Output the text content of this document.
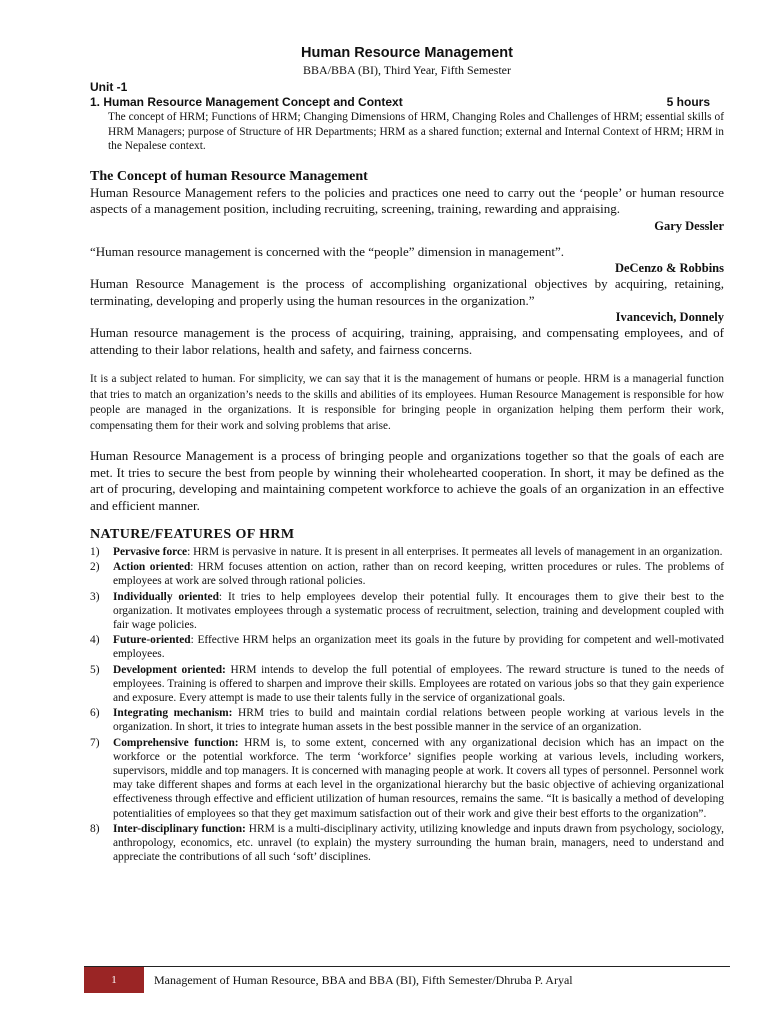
Human Resource Management

BBA/BBA (BI), Third Year, Fifth Semester

Unit -1
1. Human Resource Management Concept and Context	5 hours

The concept of HRM; Functions of HRM; Changing Dimensions of HRM, Changing Roles and Challenges of HRM; essential skills of HRM Managers; purpose of Structure of HR Departments; HRM as a shared function; external and Internal Context of HRM; HRM in the Nepalese context.

The Concept of human Resource Management

Human Resource Management refers to the policies and practices one need to carry out the ‘people’ or human resource aspects of a management position, including recruiting, screening, training, rewarding and appraising.

Gary Dessler

“Human resource management is concerned with the “people” dimension in management”.

DeCenzo & Robbins

Human Resource Management is the process of accomplishing organizational objectives by acquiring, retaining, terminating, developing and properly using the human resources in the organization.”

Ivancevich, Donnely

Human resource management is the process of acquiring, training, appraising, and compensating employees, and of attending to their labor relations, health and safety, and fairness concerns.

It is a subject related to human. For simplicity, we can say that it is the management of humans or people. HRM is a managerial function that tries to match an organization’s needs to the skills and abilities of its employees. Human Resource Management is responsible for how people are managed in the organizations. It is responsible for bringing people in organization helping them perform their work, compensating them for their work and solving problems that arise.

Human Resource Management is a process of bringing people and organizations together so that the goals of each are met. It tries to secure the best from people by winning their wholehearted cooperation. In short, it may be defined as the art of procuring, developing and maintaining competent workforce to achieve the goals of an organization in an effective and efficient manner.

NATURE/FEATURES OF HRM

1)	Pervasive force: HRM is pervasive in nature. It is present in all enterprises. It permeates all levels of management in an organization.
2)	Action oriented: HRM focuses attention on action, rather than on record keeping, written procedures or rules. The problems of employees at work are solved through rational policies.
3)	Individually oriented: It tries to help employees develop their potential fully. It encourages them to give their best to the organization. It motivates employees through a systematic process of recruitment, selection, training and development coupled with fair wage policies.
4)	Future-oriented: Effective HRM helps an organization meet its goals in the future by providing for competent and well-motivated employees.
5)	Development oriented: HRM intends to develop the full potential of employees. The reward structure is tuned to the needs of employees. Training is offered to sharpen and improve their skills. Employees are rotated on various jobs so that they gain experience and exposure. Every attempt is made to use their talents fully in the service of organizational goals.
6)	Integrating mechanism: HRM tries to build and maintain cordial relations between people working at various levels in the organization. In short, it tries to integrate human assets in the best possible manner in the service of an organization.
7)	Comprehensive function: HRM is, to some extent, concerned with any organizational decision which has an impact on the workforce or the potential workforce. The term ‘workforce’ signifies people working at various levels, including workers, supervisors, middle and top managers. It is concerned with managing people at work. It covers all types of personnel. Personnel work may take different shapes and forms at each level in the organizational hierarchy but the basic objective of achieving organizational effectiveness through effective and efficient utilization of human resources, remains the same. “It is basically a method of developing potentialities of employees so that they get maximum satisfaction out of their work and give their best efforts to the organization”.
8)	Inter-disciplinary function: HRM is a multi-disciplinary activity, utilizing knowledge and inputs drawn from psychology, sociology, anthropology, economics, etc. unravel (to explain) the mystery surrounding the human brain, managers, need to understand and appreciate the contributions of all such ‘soft’ disciplines.
1	Management of Human Resource, BBA and BBA (BI), Fifth Semester/Dhruba P. Aryal
